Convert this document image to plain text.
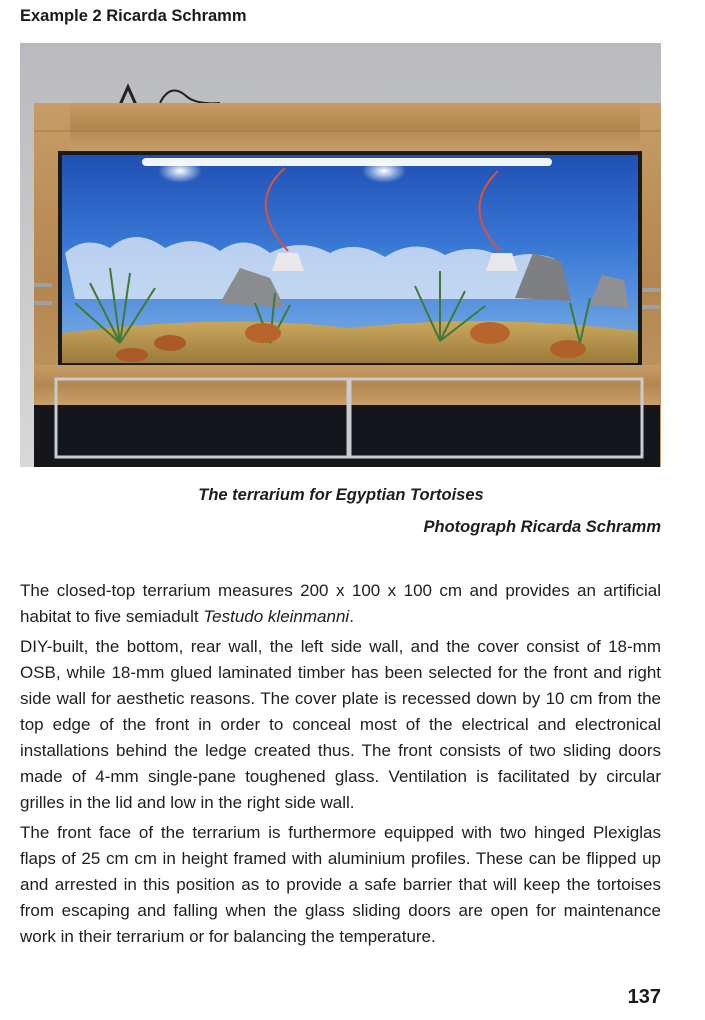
Example 2 Ricarda Schramm
The terrarium for Egyptian Tortoises
Photograph Ricarda Schramm

The closed-top terrarium measures 200 x 100 x 100 cm and provides an artificial habitat to five semiadult Testudo kleinmanni.

DIY-built, the bottom, rear wall, the left side wall, and the cover consist of 18-mm OSB, while 18-mm glued laminated timber has been selected for the front and right side wall for aesthetic reasons. The cover plate is recessed down by 10 cm from the top edge of the front in order to conceal most of the electrical and electronical installations behind the ledge created thus. The front consists of two sliding doors made of 4-mm single-pane toughened glass. Ventilation is facilitated by circular grilles in the lid and low in the right side wall.

The front face of the terrarium is furthermore equipped with two hinged Plexiglas flaps of 25 cm cm in height framed with aluminium profiles. These can be flipped up and arrested in this position as to provide a safe barrier that will keep the tortoises from escaping and falling when the glass sliding doors are open for maintenance work in their terrarium or for balancing the temperature.

137
